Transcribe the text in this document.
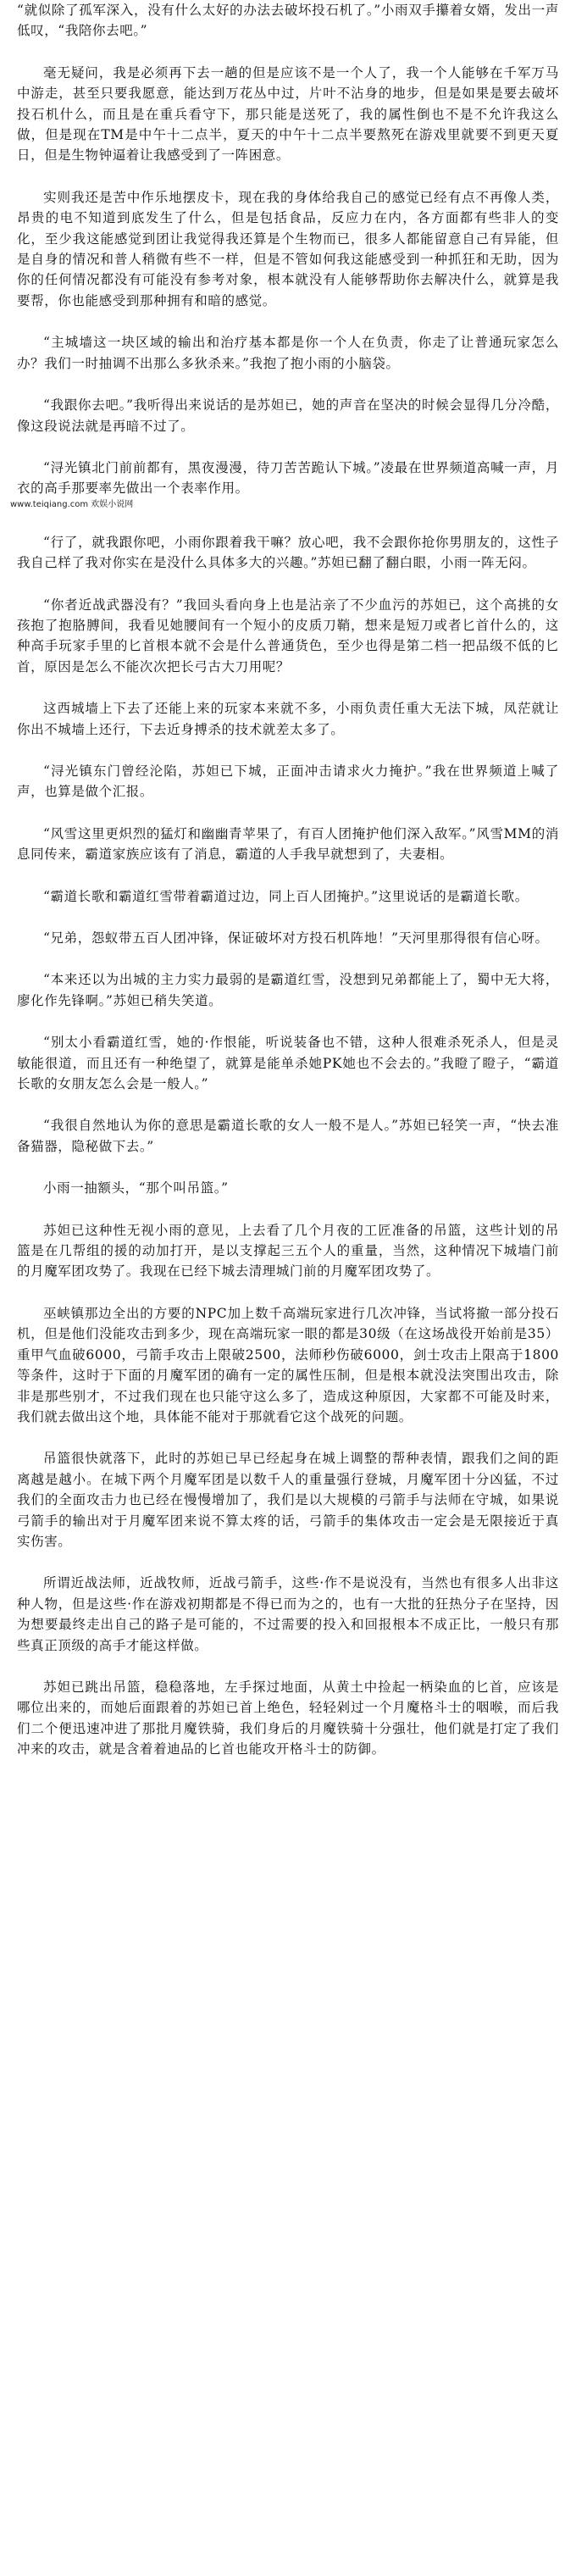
“就似除了孤军深入，没有什么太好的办法去破坏投石机了。”小雨双手攥着女婿，发出一声低叹，“我陪你去吧。”

毫无疑问，我是必须再下去一趟的但是应该不是一个人了，我一个人能够在千军万马中游走，甚至只要我愿意，能达到万花丛中过，片叶不沾身的地步，但是如果是要去破坏投石机什么，而且是在重兵看守下，那只能是送死了，我的属性倒也不是不允许我这么做，但是现在TM是中午十二点半，夏天的中午十二点半要熬死在游戏里就要不到更天夏日，但是生物钟逼着让我感受到了一阵困意。

实则我还是苦中作乐地摆皮卡，现在我的身体给我自己的感觉已经有点不再像人类，昂贵的电不知道到底发生了什么，但是包括食品，反应力在内，各方面都有些非人的变化，至少我这能感觉到团让我觉得我还算是个生物而已，很多人都能留意自己有异能，但是自身的情况和普人稍微有些不一样，但是不管如何我这能感受到一种抓狂和无助，因为你的任何情况都没有可能没有参考对象，根本就没有人能够帮助你去解决什么，就算是我要帮，你也能感受到那种拥有和暗的感觉。

“主城墙这一块区域的输出和治疗基本都是你一个人在负责，你走了让普通玩家怎么办？我们一时抽调不出那么多狄杀来。”我抱了抱小雨的小脑袋。

“我跟你去吧。”我听得出来说话的是苏妲已，她的声音在坚决的时候会显得几分冷酷，像这段说法就是再暗不过了。

“浔光镇北门前前都有，黑夜漫漫，待刀苦苦跪认下城。”凌最在世界频道高喊一声，月衣的高手那要率先做出一个表率作用。

www.teiqiang.com 欢娱小说网

“行了，就我跟你吧，小雨你跟着我干嘛？放心吧，我不会跟你抢你男朋友的，这性子我自己样了我对你实在是没什么具体多大的兴趣。”苏妲已翻了翻白眼，小雨一阵无闷。

“你者近战武器没有？”我回头看向身上也是沾亲了不少血污的苏妲已，这个高挑的女孩抱了抱胳膊间，我看见她腰间有一个短小的皮质刀鞘，想来是短刀或者匕首什么的，这种高手玩家手里的匕首根本就不会是什么普通货色，至少也得是第二档一把品级不低的匕首，原因是怎么不能次次把长弓古大刀用呢？

这西城墙上下去了还能上来的玩家本来就不多，小雨负责任重大无法下城，凤茫就让你出不城墙上还行，下去近身搏杀的技术就差太多了。

“浔光镇东门曾经沦陷，苏妲已下城，正面冲击请求火力掩护。”我在世界频道上喊了声，也算是做个汇报。

“风雪这里更炽烈的猛灯和幽幽青苹果了，有百人团掩护他们深入敌军。”风雪MM的消息同传来，霸道家族应该有了消息，霸道的人手我早就想到了，夫妻相。

“霸道长歌和霸道红雪带着霸道过边，同上百人团掩护。”这里说话的是霸道长歌。

“兄弟，怨蚁带五百人团冲锋，保证破坏对方投石机阵地！”天河里那得很有信心呀。

“本来还以为出城的主力实力最弱的是霸道红雪，没想到兄弟都能上了，蜀中无大将，廖化作先锋啊。”苏妲已稍失笑道。

“别太小看霸道红雪，她的·作恨能，听说装备也不错，这种人很难杀死杀人，但是灵敏能很道，而且还有一种绝望了，就算是能单杀她PK她也不会去的。”我瞪了瞪子，“霸道长歌的女朋友怎么会是一般人。”

“我很自然地认为你的意思是霸道长歌的女人一般不是人。”苏妲已轻笑一声，“快去准备猫器，隐秘做下去。”

小雨一抽额头，“那个叫吊篮。”

苏妲已这种性无视小雨的意见，上去看了几个月夜的工匠准备的吊篮，这些计划的吊篮是在几帮组的援的动加打开，是以支撑起三五个人的重量，当然，这种情况下城墙门前的月魔军团攻势了。我现在已经下城去清理城门前的月魔军团攻势了。

巫峡镇那边全出的方要的NPC加上数千高端玩家进行几次冲锋，当试将撤一部分投石机，但是他们没能攻击到多少，现在高端玩家一眼的都是30级（在这场战役开始前是35）重甲气血破6000，弓箭手攻击上限破2500，法师秒伤破6000，剑士攻击上限高于1800等条件，这时于下面的月魔军团的确有一定的属性压制，但是根本就没法突围出攻击，除非是那些别才，不过我们现在也只能守这么多了，造成这种原因，大家都不可能及时来，我们就去做出这个地，具体能不能对于那就看它这个战死的问题。

吊篮很快就落下，此时的苏妲已早已经起身在城上调整的帮种表情，跟我们之间的距离越是越小。在城下两个月魔军团是以数千人的重量强行登城，月魔军团十分凶猛，不过我们的全面攻击力也已经在慢慢增加了，我们是以大规模的弓箭手与法师在守城，如果说弓箭手的输出对于月魔军团来说不算太疼的话，弓箭手的集体攻击一定会是无限接近于真实伤害。

所谓近战法师，近战牧师，近战弓箭手，这些·作不是说没有，当然也有很多人出非这种人物，但是这些·作在游戏初期都是不得已而为之的，也有一大批的狂热分子在坚持，因为想要最终走出自己的路子是可能的，不过需要的投入和回报根本不成正比，一般只有那些真正顶级的高手才能这样做。

苏妲已跳出吊篮，稳稳落地，左手探过地面，从黄土中捡起一柄染血的匕首，应该是哪位出来的，而她后面跟着的苏妲已首上绝色，轻轻剁过一个月魔格斗士的咽喉，而后我们二个便迅速冲进了那批月魔铁骑，我们身后的月魔铁骑十分强壮，他们就是打定了我们冲来的攻击，就是含着着迪品的匕首也能攻开格斗士的防御。
